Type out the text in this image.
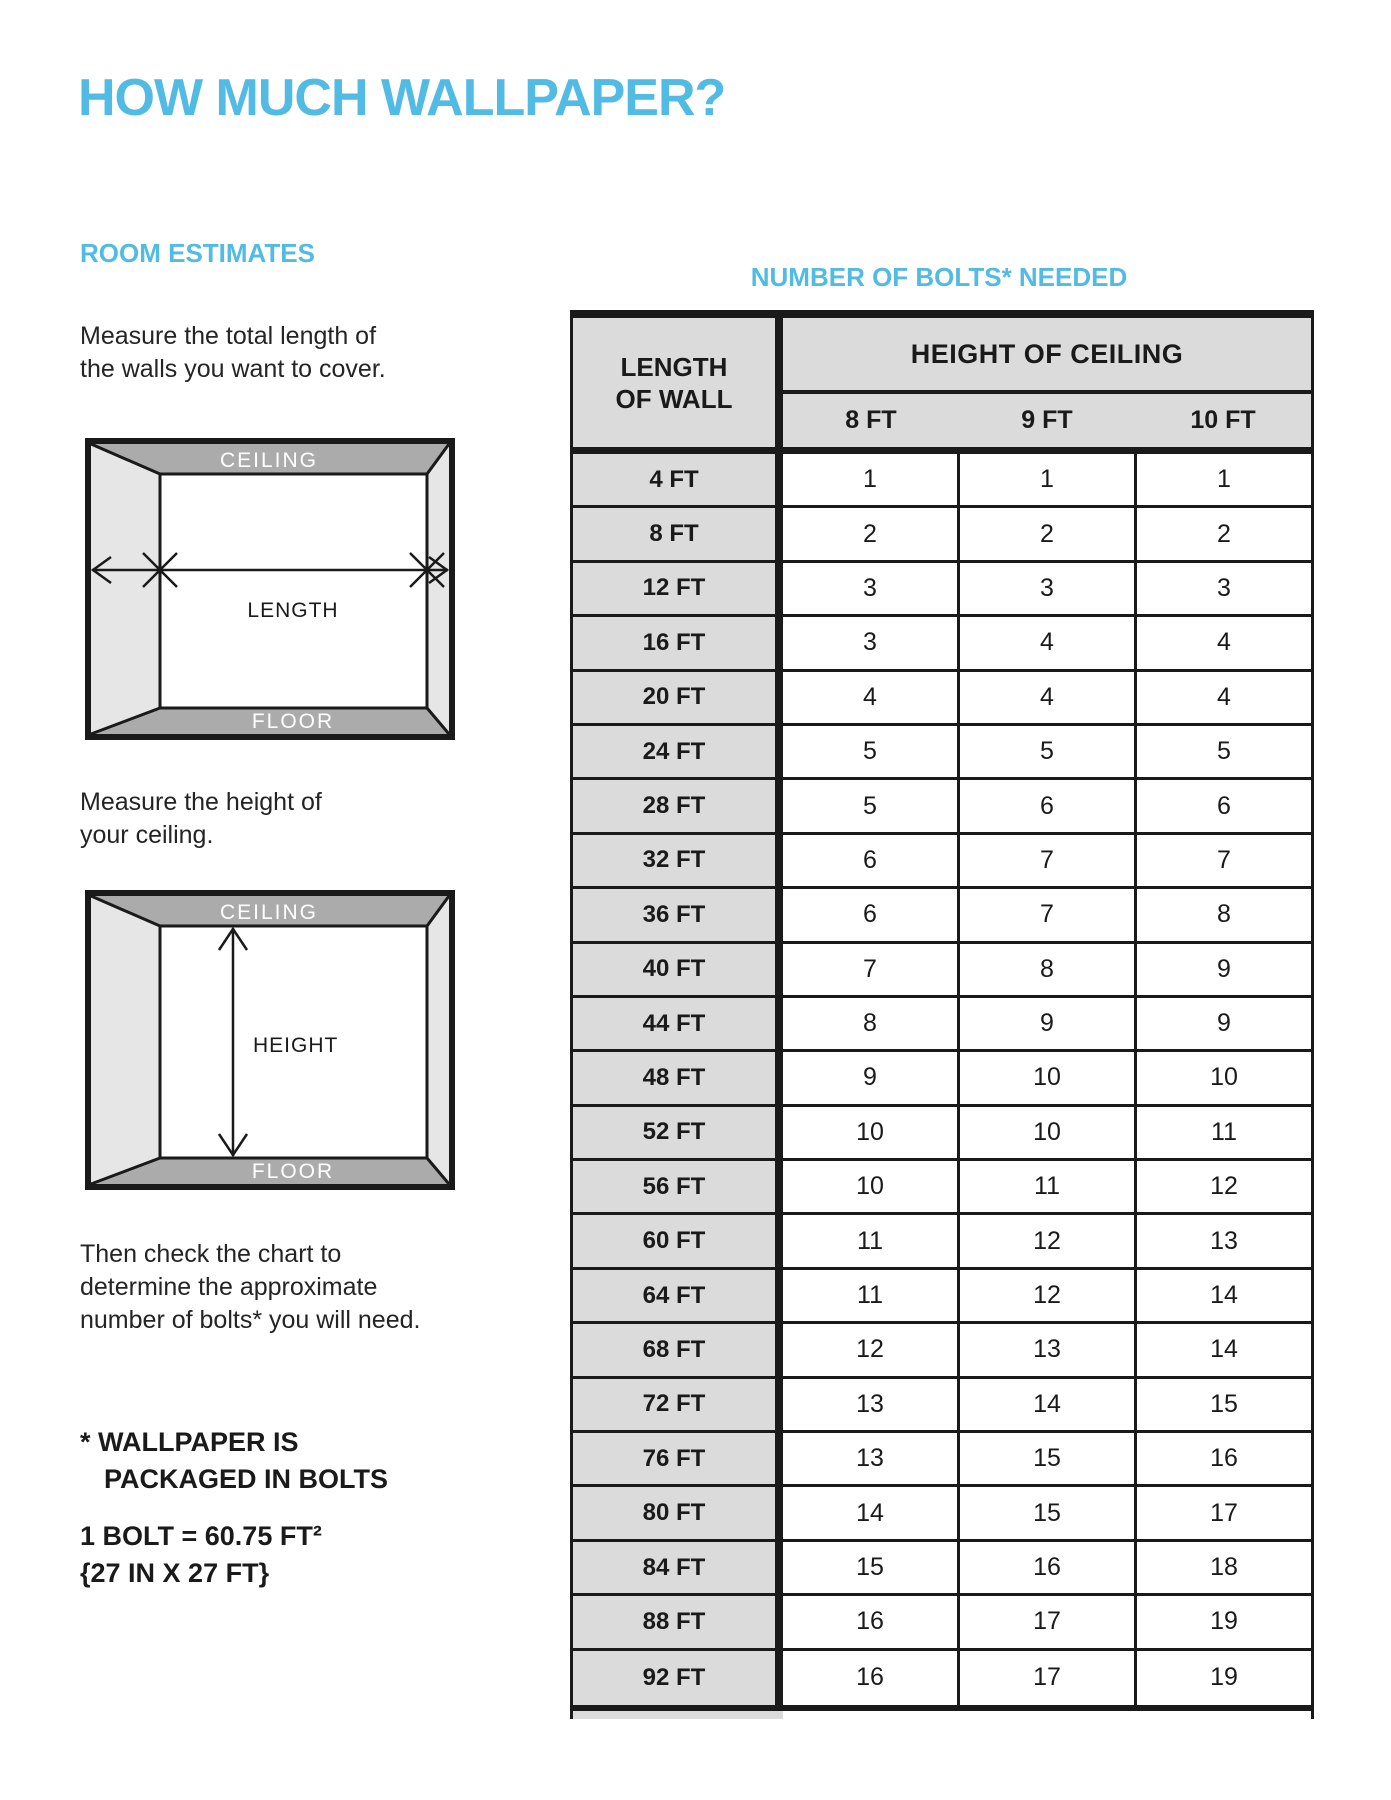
HOW MUCH WALLPAPER?
ROOM ESTIMATES
Measure the total length of
the walls you want to cover.
CEILING
LENGTH
FLOOR
Measure the height of
your ceiling.
CEILING
HEIGHT
FLOOR
Then check the chart to
determine the approximate
number of bolts* you will need.
* WALLPAPER IS
PACKAGED IN BOLTS
1 BOLT = 60.75 FT²
{27 IN X 27 FT}
NUMBER OF BOLTS* NEEDED
LENGTH
OF WALL
HEIGHT OF CEILING
8 FT	9 FT	10 FT
4 FT	1	1	1
8 FT	2	2	2
12 FT	3	3	3
16 FT	3	4	4
20 FT	4	4	4
24 FT	5	5	5
28 FT	5	6	6
32 FT	6	7	7
36 FT	6	7	8
40 FT	7	8	9
44 FT	8	9	9
48 FT	9	10	10
52 FT	10	10	11
56 FT	10	11	12
60 FT	11	12	13
64 FT	11	12	14
68 FT	12	13	14
72 FT	13	14	15
76 FT	13	15	16
80 FT	14	15	17
84 FT	15	16	18
88 FT	16	17	19
92 FT	16	17	19
